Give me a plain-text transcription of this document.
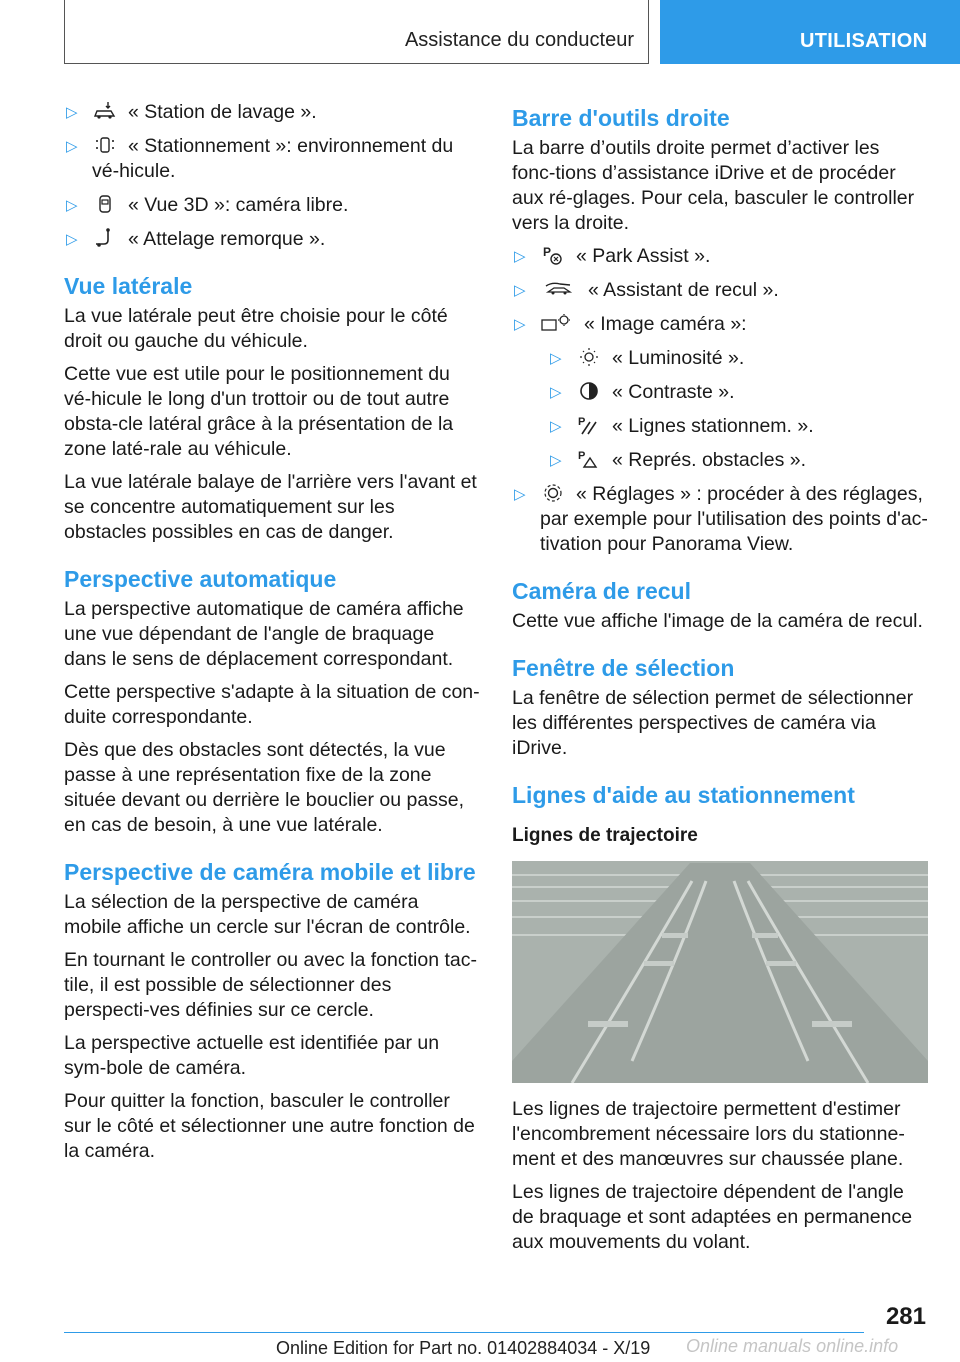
Assistance du conducteur	UTILISATION
▷	« Station de lavage ».
▷	« Stationnement »: environnement du vé-hicule.
▷	« Vue 3D »: caméra libre.
▷	« Attelage remorque ».
Vue latérale

La vue latérale peut être choisie pour le côté droit ou gauche du véhicule.

Cette vue est utile pour le positionnement du vé-hicule le long d'un trottoir ou de tout autre obsta-cle latéral grâce à la présentation de la zone laté-rale au véhicule.

La vue latérale balaye de l'arrière vers l'avant et se concentre automatiquement sur les obstacles possibles en cas de danger.

Perspective automatique

La perspective automatique de caméra affiche une vue dépendant de l'angle de braquage dans le sens de déplacement correspondant.

Cette perspective s'adapte à la situation de con-duite correspondante.

Dès que des obstacles sont détectés, la vue passe à une représentation fixe de la zone située devant ou derrière le bouclier ou passe, en cas de besoin, à une vue latérale.

Perspective de caméra mobile et libre

La sélection de la perspective de caméra mobile affiche un cercle sur l'écran de contrôle.

En tournant le controller ou avec la fonction tac-tile, il est possible de sélectionner des perspecti-ves définies sur ce cercle.

La perspective actuelle est identifiée par un sym-bole de caméra.

Pour quitter la fonction, basculer le controller sur le côté et sélectionner une autre fonction de la caméra.

Barre d'outils droite

La barre d’outils droite permet d’activer les fonc-tions d’assistance iDrive et de procéder aux ré-glages. Pour cela, basculer le controller vers la droite.

▷ P « Park Assist ».
▷	« Assistant de recul ».
▷	« Image caméra »:
▷	« Luminosité ».
▷	« Contraste ».
▷ P « Lignes stationnem. ».
▷ P « Représ. obstacles ».
▷	« Réglages » : procéder à des réglages, par exemple pour l'utilisation des points d'ac-tivation pour Panorama View.
Caméra de recul

Cette vue affiche l'image de la caméra de recul.

Fenêtre de sélection

La fenêtre de sélection permet de sélectionner les différentes perspectives de caméra via iDrive.

Lignes d'aide au stationnement
Lignes de trajectoire

Les lignes de trajectoire permettent d'estimer l'encombrement nécessaire lors du stationne-ment et des manœuvres sur chaussée plane.

Les lignes de trajectoire dépendent de l'angle de braquage et sont adaptées en permanence aux mouvements du volant.

281
Online Edition for Part no. 01402884034 - X/19 Online manuals online.info
